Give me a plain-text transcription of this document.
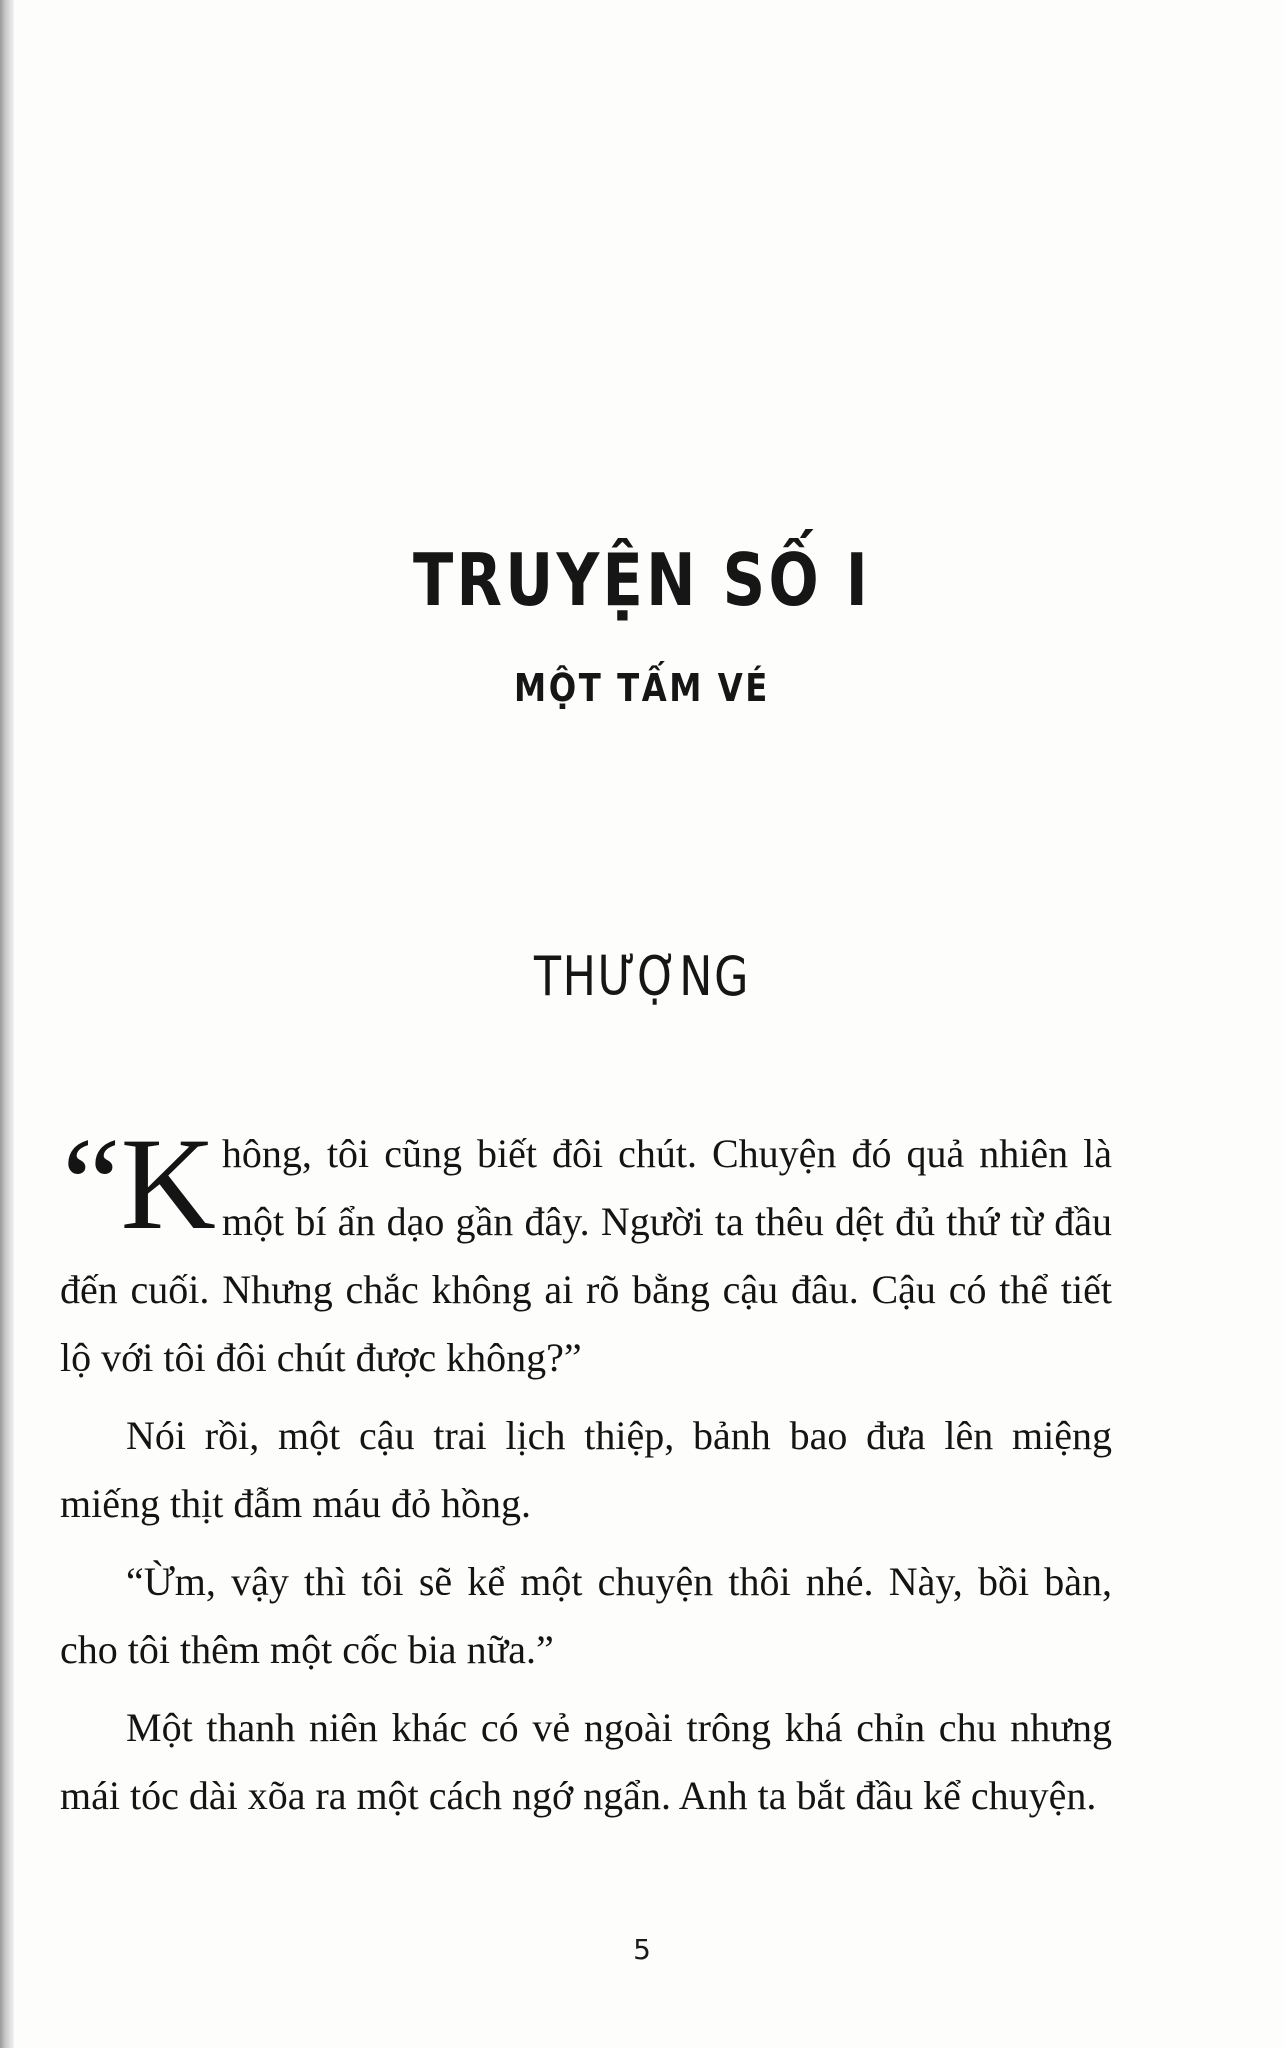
TRUYỆN SỐ I
MỘT TẤM VÉ
THƯỢNG

“K hông, tôi cũng biết đôi chút. Chuyện đó quả nhiên là một bí ẩn dạo gần đây. Người ta thêu dệt đủ thứ từ đầu đến cuối. Nhưng chắc không ai rõ bằng cậu đâu. Cậu có thể tiết lộ với tôi đôi chút được không?”

Nói rồi, một cậu trai lịch thiệp, bảnh bao đưa lên miệng miếng thịt đẫm máu đỏ hồng.

“Ừm, vậy thì tôi sẽ kể một chuyện thôi nhé. Này, bồi bàn, cho tôi thêm một cốc bia nữa.”

Một thanh niên khác có vẻ ngoài trông khá chỉn chu nhưng mái tóc dài xõa ra một cách ngớ ngẩn. Anh ta bắt đầu kể chuyện.

5
